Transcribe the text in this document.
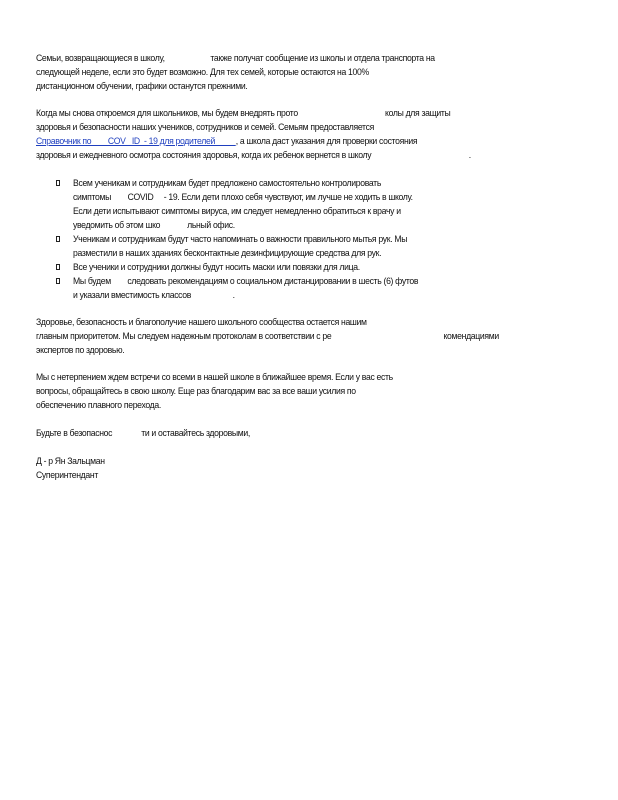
Семьи, возвращающиеся в школу,                      также получат сообщение из школы и отдела транспорта на
следующей неделе, если это будет возможно. Для тех семей, которые остаются на 100%
дистанционном обучении, графики останутся прежними.
Когда мы снова откроемся для школьников, мы будем внедрять прото                                          колы для защиты
здоровья и безопасности наших учеников, сотрудников и семей. Семьям предоставляется
Справочник по        COV   ID  - 19 для родителей          , а школа даст указания для проверки состояния
здоровья и ежедневного осмотра состояния здоровья, когда их ребенок вернется в школу                                               .
Всем ученикам и сотрудникам будет предложено самостоятельно контролировать
симптомы        COVID     - 19. Если дети плохо себя чувствуют, им лучше не ходить в школу.
Если дети испытывают симптомы вируса, им следует немедленно обратиться к врачу и
уведомить об этом шко             льный офис.
Ученикам и сотрудникам будут часто напоминать о важности правильного мытья рук. Мы
разместили в наших зданиях бесконтактные дезинфицирующие средства для рук.
Все ученики и сотрудники должны будут носить маски или повязки для лица.
Мы будем        следовать рекомендациям о социальном дистанцировании в шесть (6) футов
и указали вместимость классов                    .
Здоровье, безопасность и благополучие нашего школьного сообщества остается нашим
главным приоритетом. Мы следуем надежным протоколам в соответствии с ре                                                      комендациями
экспертов по здоровью.
Мы с нетерпением ждем встречи со всеми в нашей школе в ближайшее время. Если у вас есть
вопросы, обращайтесь в свою школу. Еще раз благодарим вас за все ваши усилия по
обеспечению плавного перехода.
Будьте в безопаснос              ти и оставайтесь здоровыми,
Д - р Ян Зальцман
Суперинтендант
